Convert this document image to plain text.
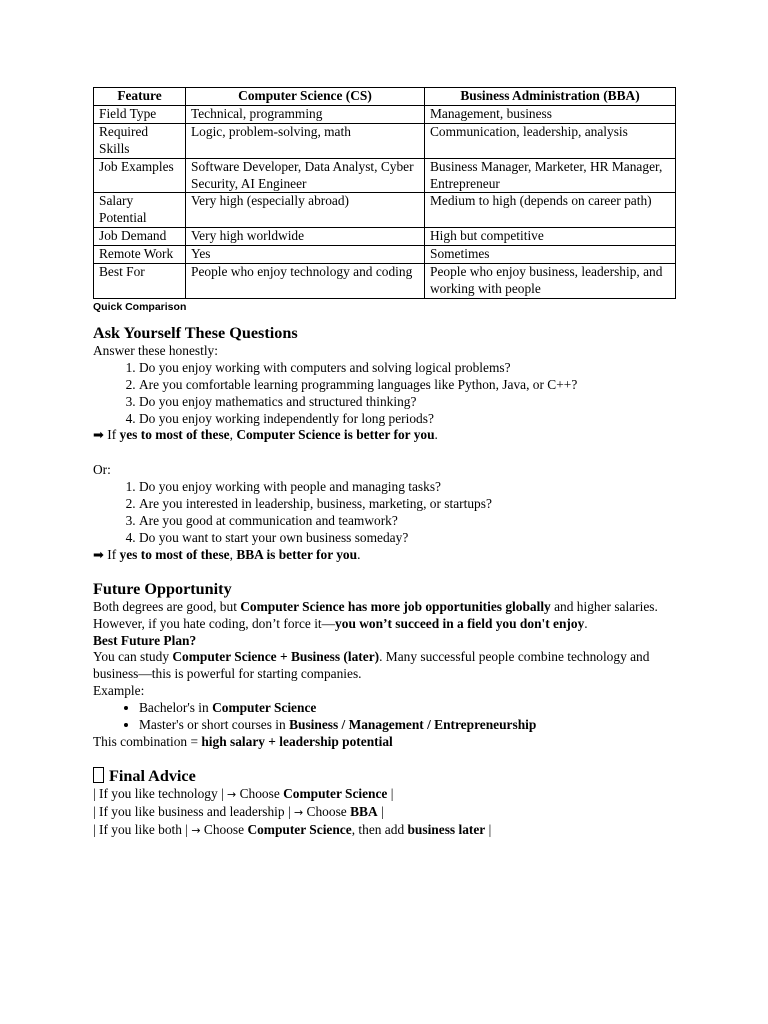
Feature	Computer Science (CS)	Business Administration (BBA)
Field Type	Technical, programming	Management, business
Required Skills	Logic, problem-solving, math	Communication, leadership, analysis
Job Examples	Software Developer, Data Analyst, Cyber Security, AI Engineer	Business Manager, Marketer, HR Manager, Entrepreneur
Salary Potential	Very high (especially abroad)	Medium to high (depends on career path)
Job Demand	Very high worldwide	High but competitive
Remote Work	Yes	Sometimes
Best For	People who enjoy technology and coding	People who enjoy business, leadership, and working with people
Quick Comparison
Ask Yourself These Questions

Answer these honestly:

1. Do you enjoy working with computers and solving logical problems?
2. Are you comfortable learning programming languages like Python, Java, or C++?
3. Do you enjoy mathematics and structured thinking?
4. Do you enjoy working independently for long periods?

➡ If yes to most of these, Computer Science is better for you.

Or:

1. Do you enjoy working with people and managing tasks?
2. Are you interested in leadership, business, marketing, or startups?
3. Are you good at communication and teamwork?
4. Do you want to start your own business someday?

➡ If yes to most of these, BBA is better for you.

Future Opportunity

Both degrees are good, but Computer Science has more job opportunities globally and higher salaries. However, if you hate coding, don’t force it—you won’t succeed in a field you don't enjoy.

Best Future Plan?

You can study Computer Science + Business (later). Many successful people combine technology and business—this is powerful for starting companies.

Example:

• Bachelor's in Computer Science
• Master's or short courses in Business / Management / Entrepreneurship

This combination = high salary + leadership potential

Final Advice

| If you like technology | → Choose Computer Science |

| If you like business and leadership | → Choose BBA |

| If you like both | → Choose Computer Science, then add business later |
